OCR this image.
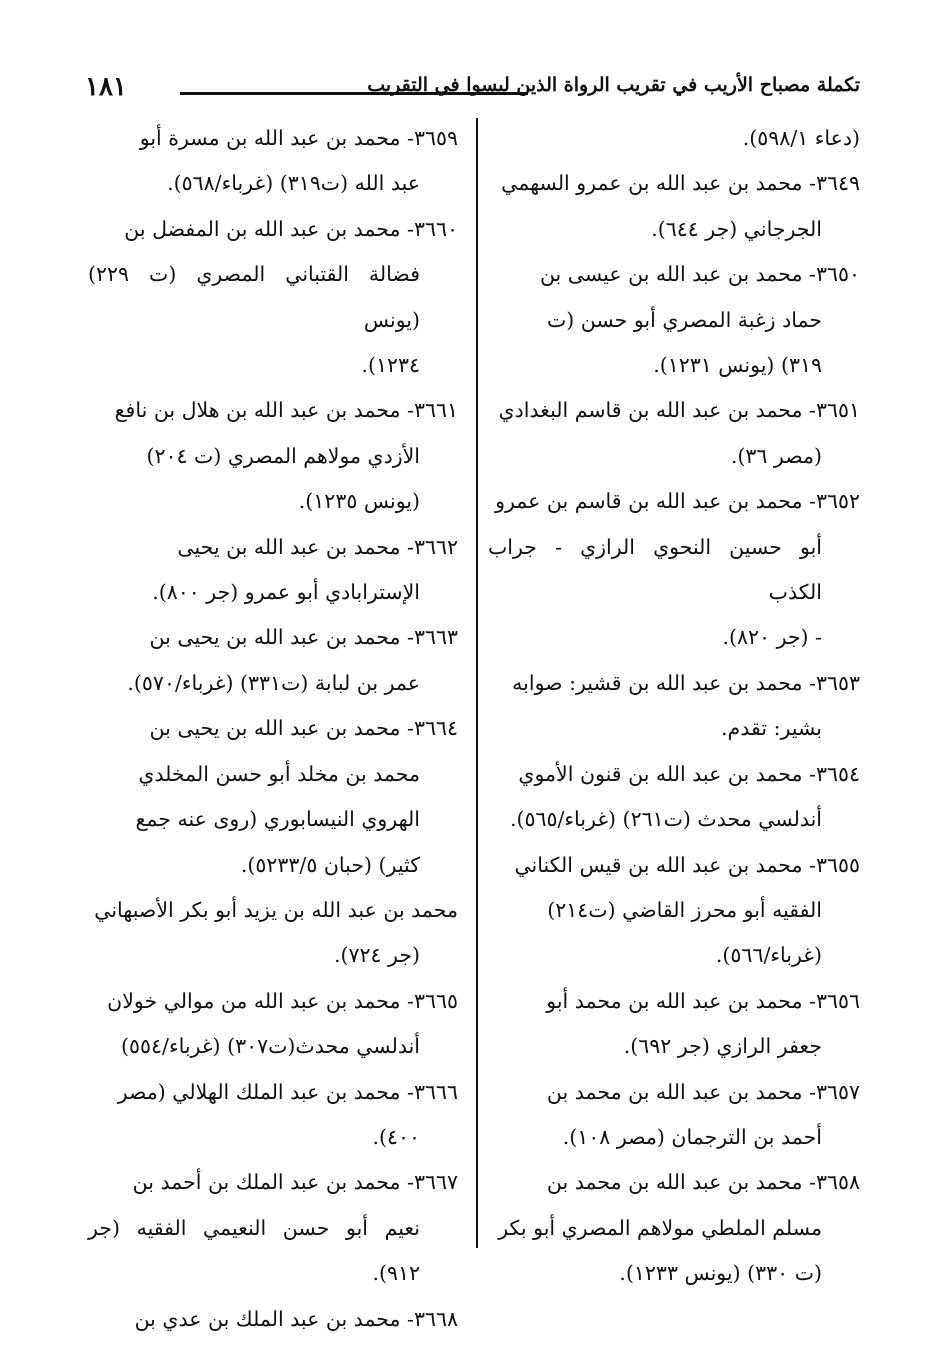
١٨١	تكملة مصباح الأريب في تقريب الرواة الذين ليسوا في التقريب
(دعاء ٥٩٨/١).
٣٦٤٩- محمد بن عبد الله بن عمرو السهمي
الجرجاني (جر ٦٤٤).
٣٦٥٠- محمد بن عبد الله بن عيسى بن
حماد زغبة المصري أبو حسن (ت
٣١٩) (يونس ١٢٣١).
٣٦٥١- محمد بن عبد الله بن قاسم البغدادي
(مصر ٣٦).
٣٦٥٢- محمد بن عبد الله بن قاسم بن عمرو
أبو حسين النحوي الرازي - جراب الكذب
- (جر ٨٢٠).
٣٦٥٣- محمد بن عبد الله بن قشير: صوابه
بشير: تقدم.
٣٦٥٤- محمد بن عبد الله بن قنون الأموي
أندلسي محدث (ت٢٦١) (غرباء/٥٦٥).
٣٦٥٥- محمد بن عبد الله بن قيس الكناني
الفقيه أبو محرز القاضي (ت٢١٤)
(غرباء/٥٦٦).
٣٦٥٦- محمد بن عبد الله بن محمد أبو
جعفر الرازي (جر ٦٩٢).
٣٦٥٧- محمد بن عبد الله بن محمد بن
أحمد بن الترجمان (مصر ١٠٨).
٣٦٥٨- محمد بن عبد الله بن محمد بن
مسلم الملطي مولاهم المصري أبو بكر
(ت ٣٣٠) (يونس ١٢٣٣).
٣٦٥٩- محمد بن عبد الله بن مسرة أبو
عبد الله (ت٣١٩) (غرباء/٥٦٨).
٣٦٦٠- محمد بن عبد الله بن المفضل بن
فضالة القتباني المصري (ت ٢٢٩) (يونس
١٢٣٤).
٣٦٦١- محمد بن عبد الله بن هلال بن نافع
الأزدي مولاهم المصري (ت ٢٠٤)
(يونس ١٢٣٥).
٣٦٦٢- محمد بن عبد الله بن يحيى
الإسترابادي أبو عمرو (جر ٨٠٠).
٣٦٦٣- محمد بن عبد الله بن يحيى بن
عمر بن لبابة (ت٣٣١) (غرباء/٥٧٠).
٣٦٦٤- محمد بن عبد الله بن يحيى بن
محمد بن مخلد أبو حسن المخلدي
الهروي النيسابوري (روى عنه جمع
كثير) (حبان ٥٢٣٣/٥).
محمد بن عبد الله بن يزيد أبو بكر الأصبهاني
(جر ٧٢٤).
٣٦٦٥- محمد بن عبد الله من موالي خولان
أندلسي محدث(ت٣٠٧) (غرباء/٥٥٤)
٣٦٦٦- محمد بن عبد الملك الهلالي (مصر
٤٠٠).
٣٦٦٧- محمد بن عبد الملك بن أحمد بن
نعيم أبو حسن النعيمي الفقيه (جر ٩١٢).
٣٦٦٨- محمد بن عبد الملك بن عدي بن
